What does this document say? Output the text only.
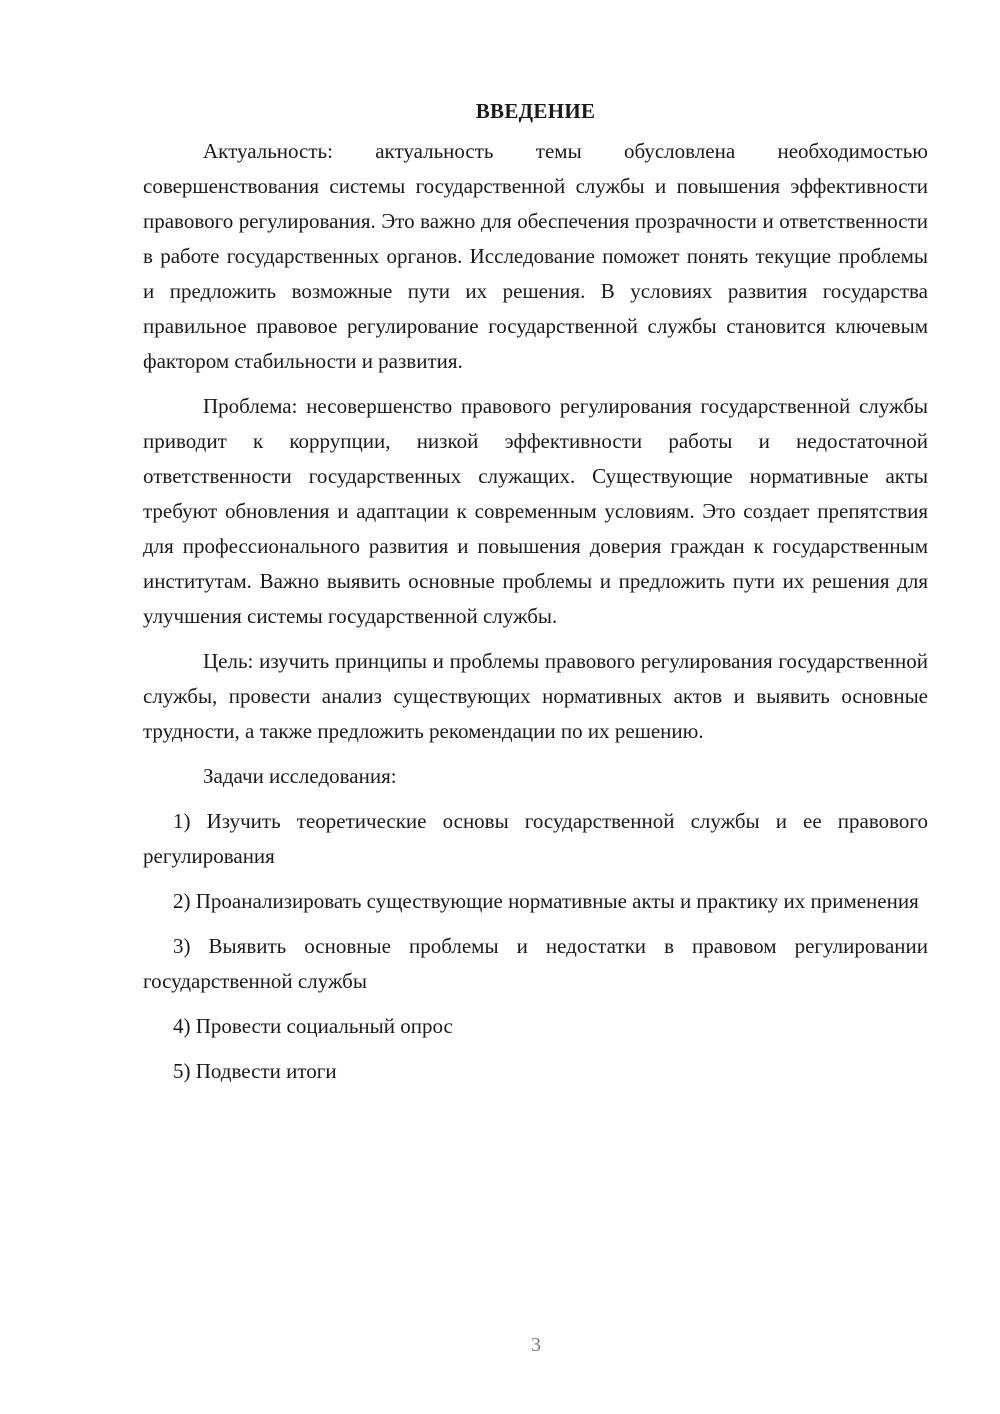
ВВЕДЕНИЕ

Актуальность: актуальность темы обусловлена необходимостью совершенствования системы государственной службы и повышения эффективности правового регулирования. Это важно для обеспечения прозрачности и ответственности в работе государственных органов. Исследование поможет понять текущие проблемы и предложить возможные пути их решения. В условиях развития государства правильное правовое регулирование государственной службы становится ключевым фактором стабильности и развития.

Проблема: несовершенство правового регулирования государственной службы приводит к коррупции, низкой эффективности работы и недостаточной ответственности государственных служащих. Существующие нормативные акты требуют обновления и адаптации к современным условиям. Это создает препятствия для профессионального развития и повышения доверия граждан к государственным институтам. Важно выявить основные проблемы и предложить пути их решения для улучшения системы государственной службы.

Цель: изучить принципы и проблемы правового регулирования государственной службы, провести анализ существующих нормативных актов и выявить основные трудности, а также предложить рекомендации по их решению.

Задачи исследования:

1) Изучить теоретические основы государственной службы и ее правового регулирования

2) Проанализировать существующие нормативные акты и практику их применения

3) Выявить основные проблемы и недостатки в правовом регулировании государственной службы

4) Провести социальный опрос

5) Подвести итоги

3
